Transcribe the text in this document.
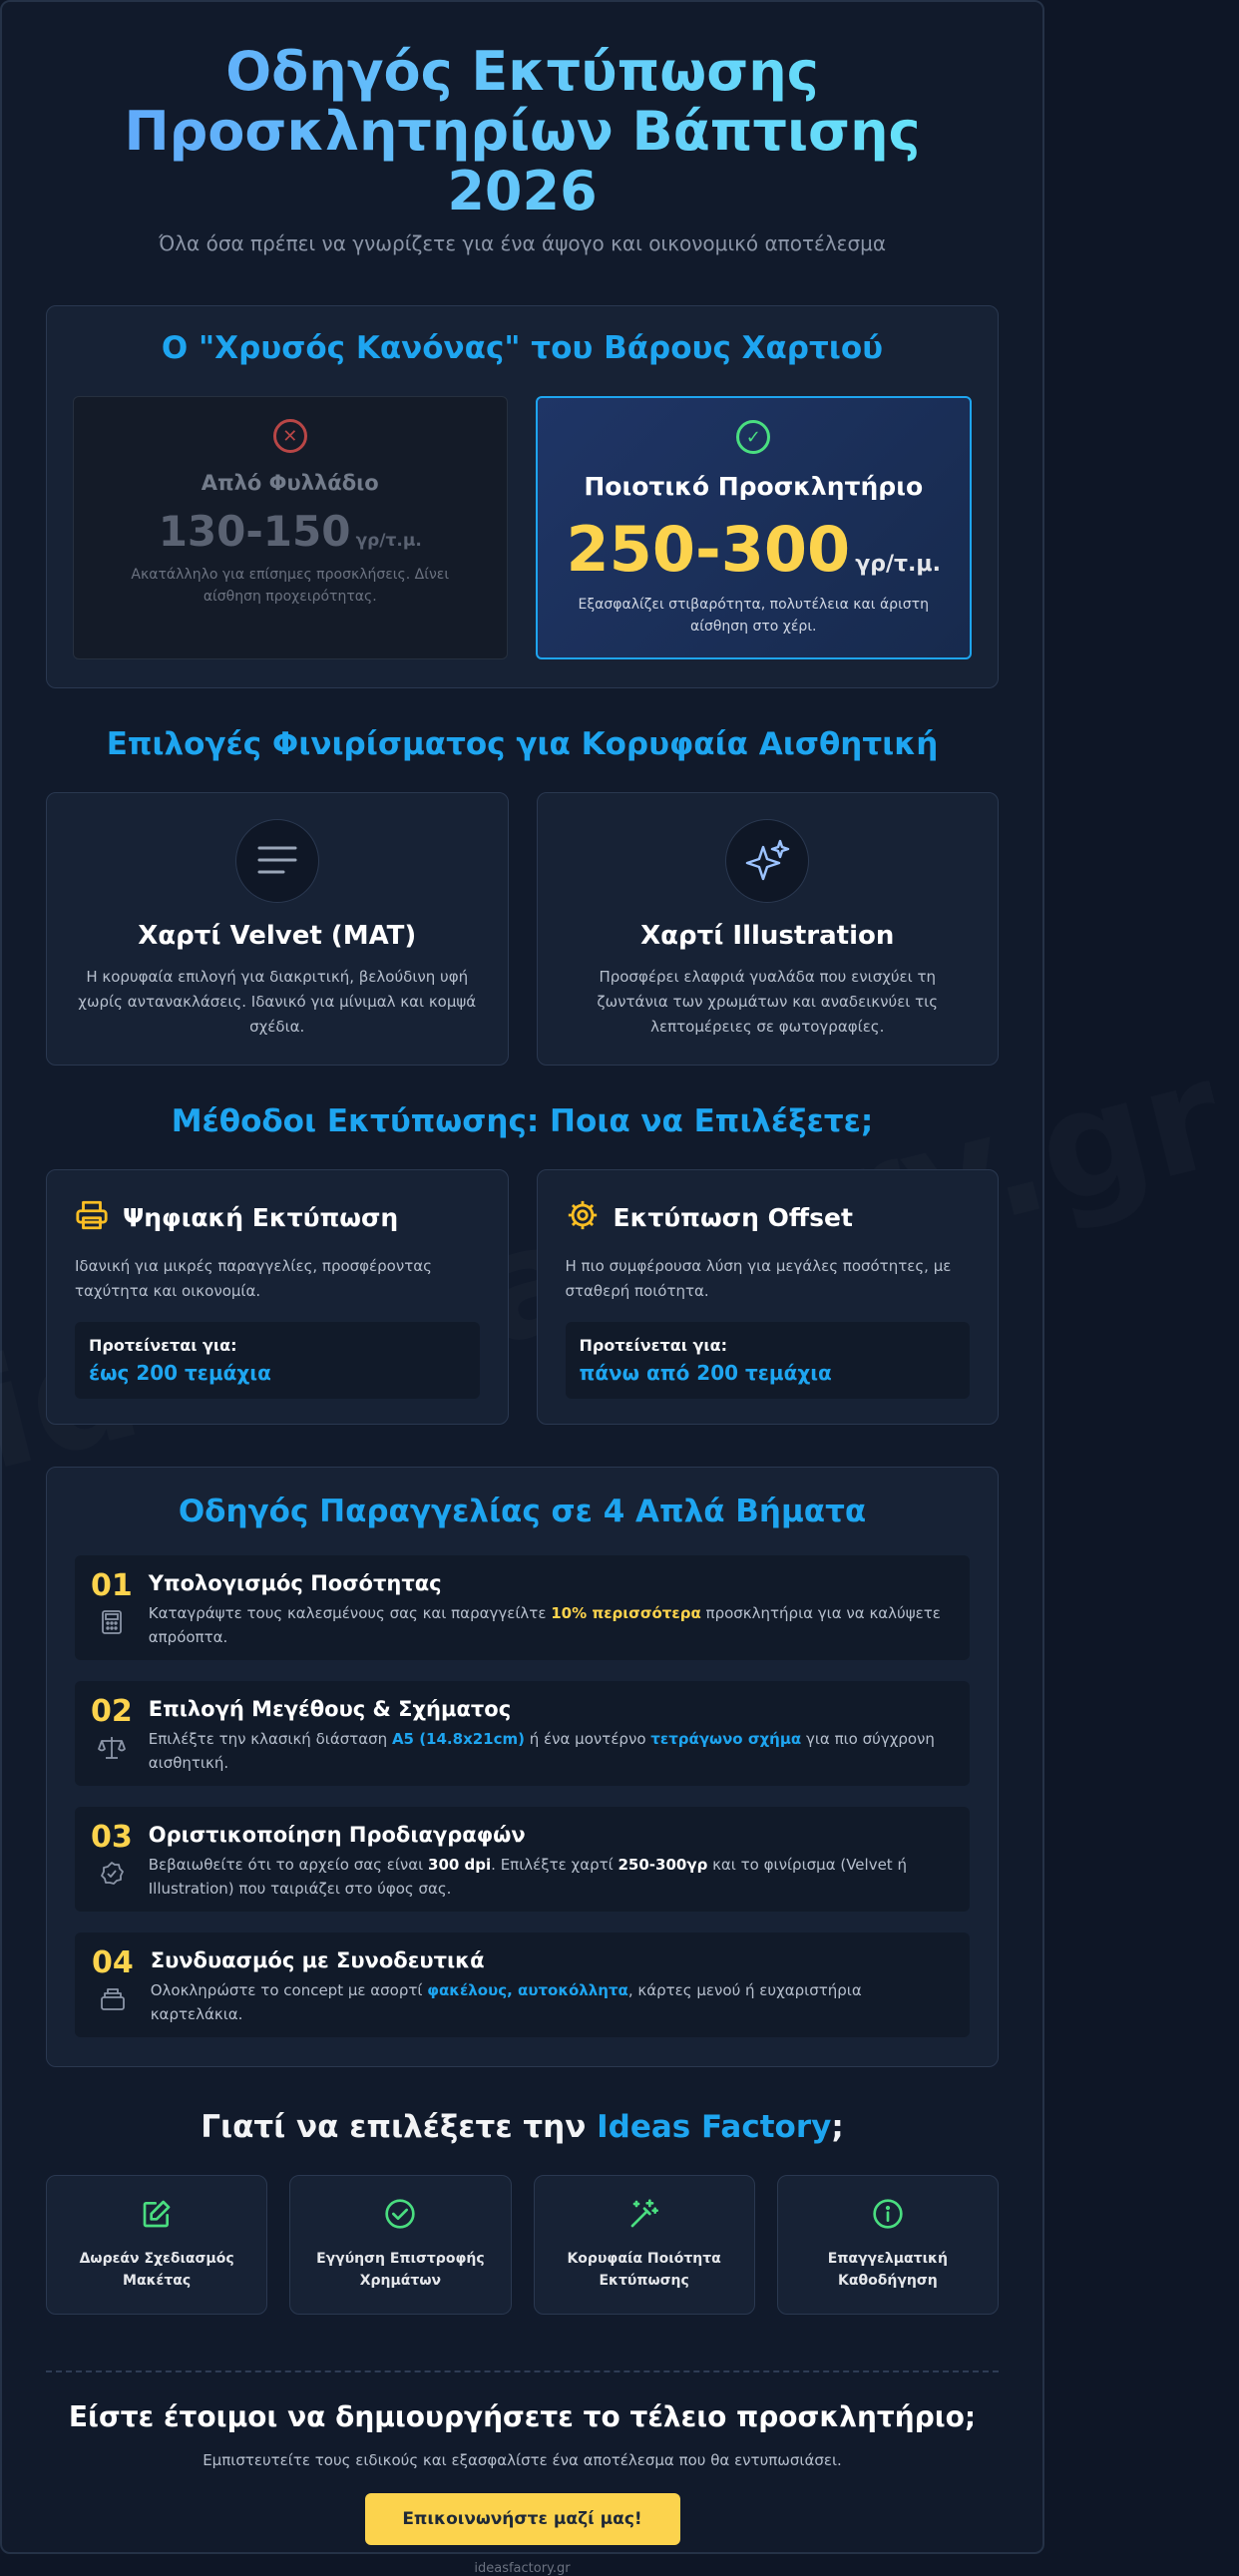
Οδηγός Εκτύπωσης
Προσκλητηρίων Βάπτισης 2026

Όλα όσα πρέπει να γνωρίζετε για ένα άψογο και οικονομικό αποτέλεσμα

Ο "Χρυσός Κανόνας" του Βάρους Χαρτιού
✕
Απλό Φυλλάδιο
130-150 γρ/τ.μ.

Ακατάλληλο για επίσημες προσκλήσεις. Δίνει αίσθηση προχειρότητας.

✓
Ποιοτικό Προσκλητήριο
250-300 γρ/τ.μ.

Εξασφαλίζει στιβαρότητα, πολυτέλεια και άριστη αίσθηση στο χέρι.

Επιλογές Φινιρίσματος για Κορυφαία Αισθητική
Χαρτί Velvet (MAT)

Η κορυφαία επιλογή για διακριτική, βελούδινη υφή χωρίς αντανακλάσεις. Ιδανικό για μίνιμαλ και κομψά σχέδια.

Χαρτί Illustration

Προσφέρει ελαφριά γυαλάδα που ενισχύει τη ζωντάνια των χρωμάτων και αναδεικνύει τις λεπτομέρειες σε φωτογραφίες.

Μέθοδοι Εκτύπωσης: Ποια να Επιλέξετε;
Ψηφιακή Εκτύπωση

Ιδανική για μικρές παραγγελίες, προσφέροντας ταχύτητα και οικονομία.

Προτείνεται για:
έως 200 τεμάχια
Εκτύπωση Offset

Η πιο συμφέρουσα λύση για μεγάλες ποσότητες, με σταθερή ποιότητα.

Προτείνεται για:
πάνω από 200 τεμάχια
Οδηγός Παραγγελίας σε 4 Απλά Βήματα
01 Υπολογισμός Ποσότητας

Καταγράψτε τους καλεσμένους σας και παραγγείλτε 10% περισσότερα προσκλητήρια για να καλύψετε απρόοπτα.

02 Επιλογή Μεγέθους & Σχήματος

Επιλέξτε την κλασική διάσταση A5 (14.8x21cm) ή ένα μοντέρνο τετράγωνο σχήμα για πιο σύγχρονη αισθητική.

03 Οριστικοποίηση Προδιαγραφών

Βεβαιωθείτε ότι το αρχείο σας είναι 300 dpi. Επιλέξτε χαρτί 250-300γρ και το φινίρισμα (Velvet ή Illustration) που ταιριάζει στο ύφος σας.

04 Συνδυασμός με Συνοδευτικά

Ολοκληρώστε το concept με ασορτί φακέλους, αυτοκόλλητα, κάρτες μενού ή ευχαριστήρια καρτελάκια.

Γιατί να επιλέξετε την Ideas Factory;
Δωρεάν Σχεδιασμός Μακέτας
Εγγύηση Επιστροφής Χρημάτων
Κορυφαία Ποιότητα Εκτύπωσης
Επαγγελματική Καθοδήγηση
Είστε έτοιμοι να δημιουργήσετε το τέλειο προσκλητήριο;

Εμπιστευτείτε τους ειδικούς και εξασφαλίστε ένα αποτέλεσμα που θα εντυπωσιάσει.

Επικοινωνήστε μαζί μας!

ideasfactory.gr
